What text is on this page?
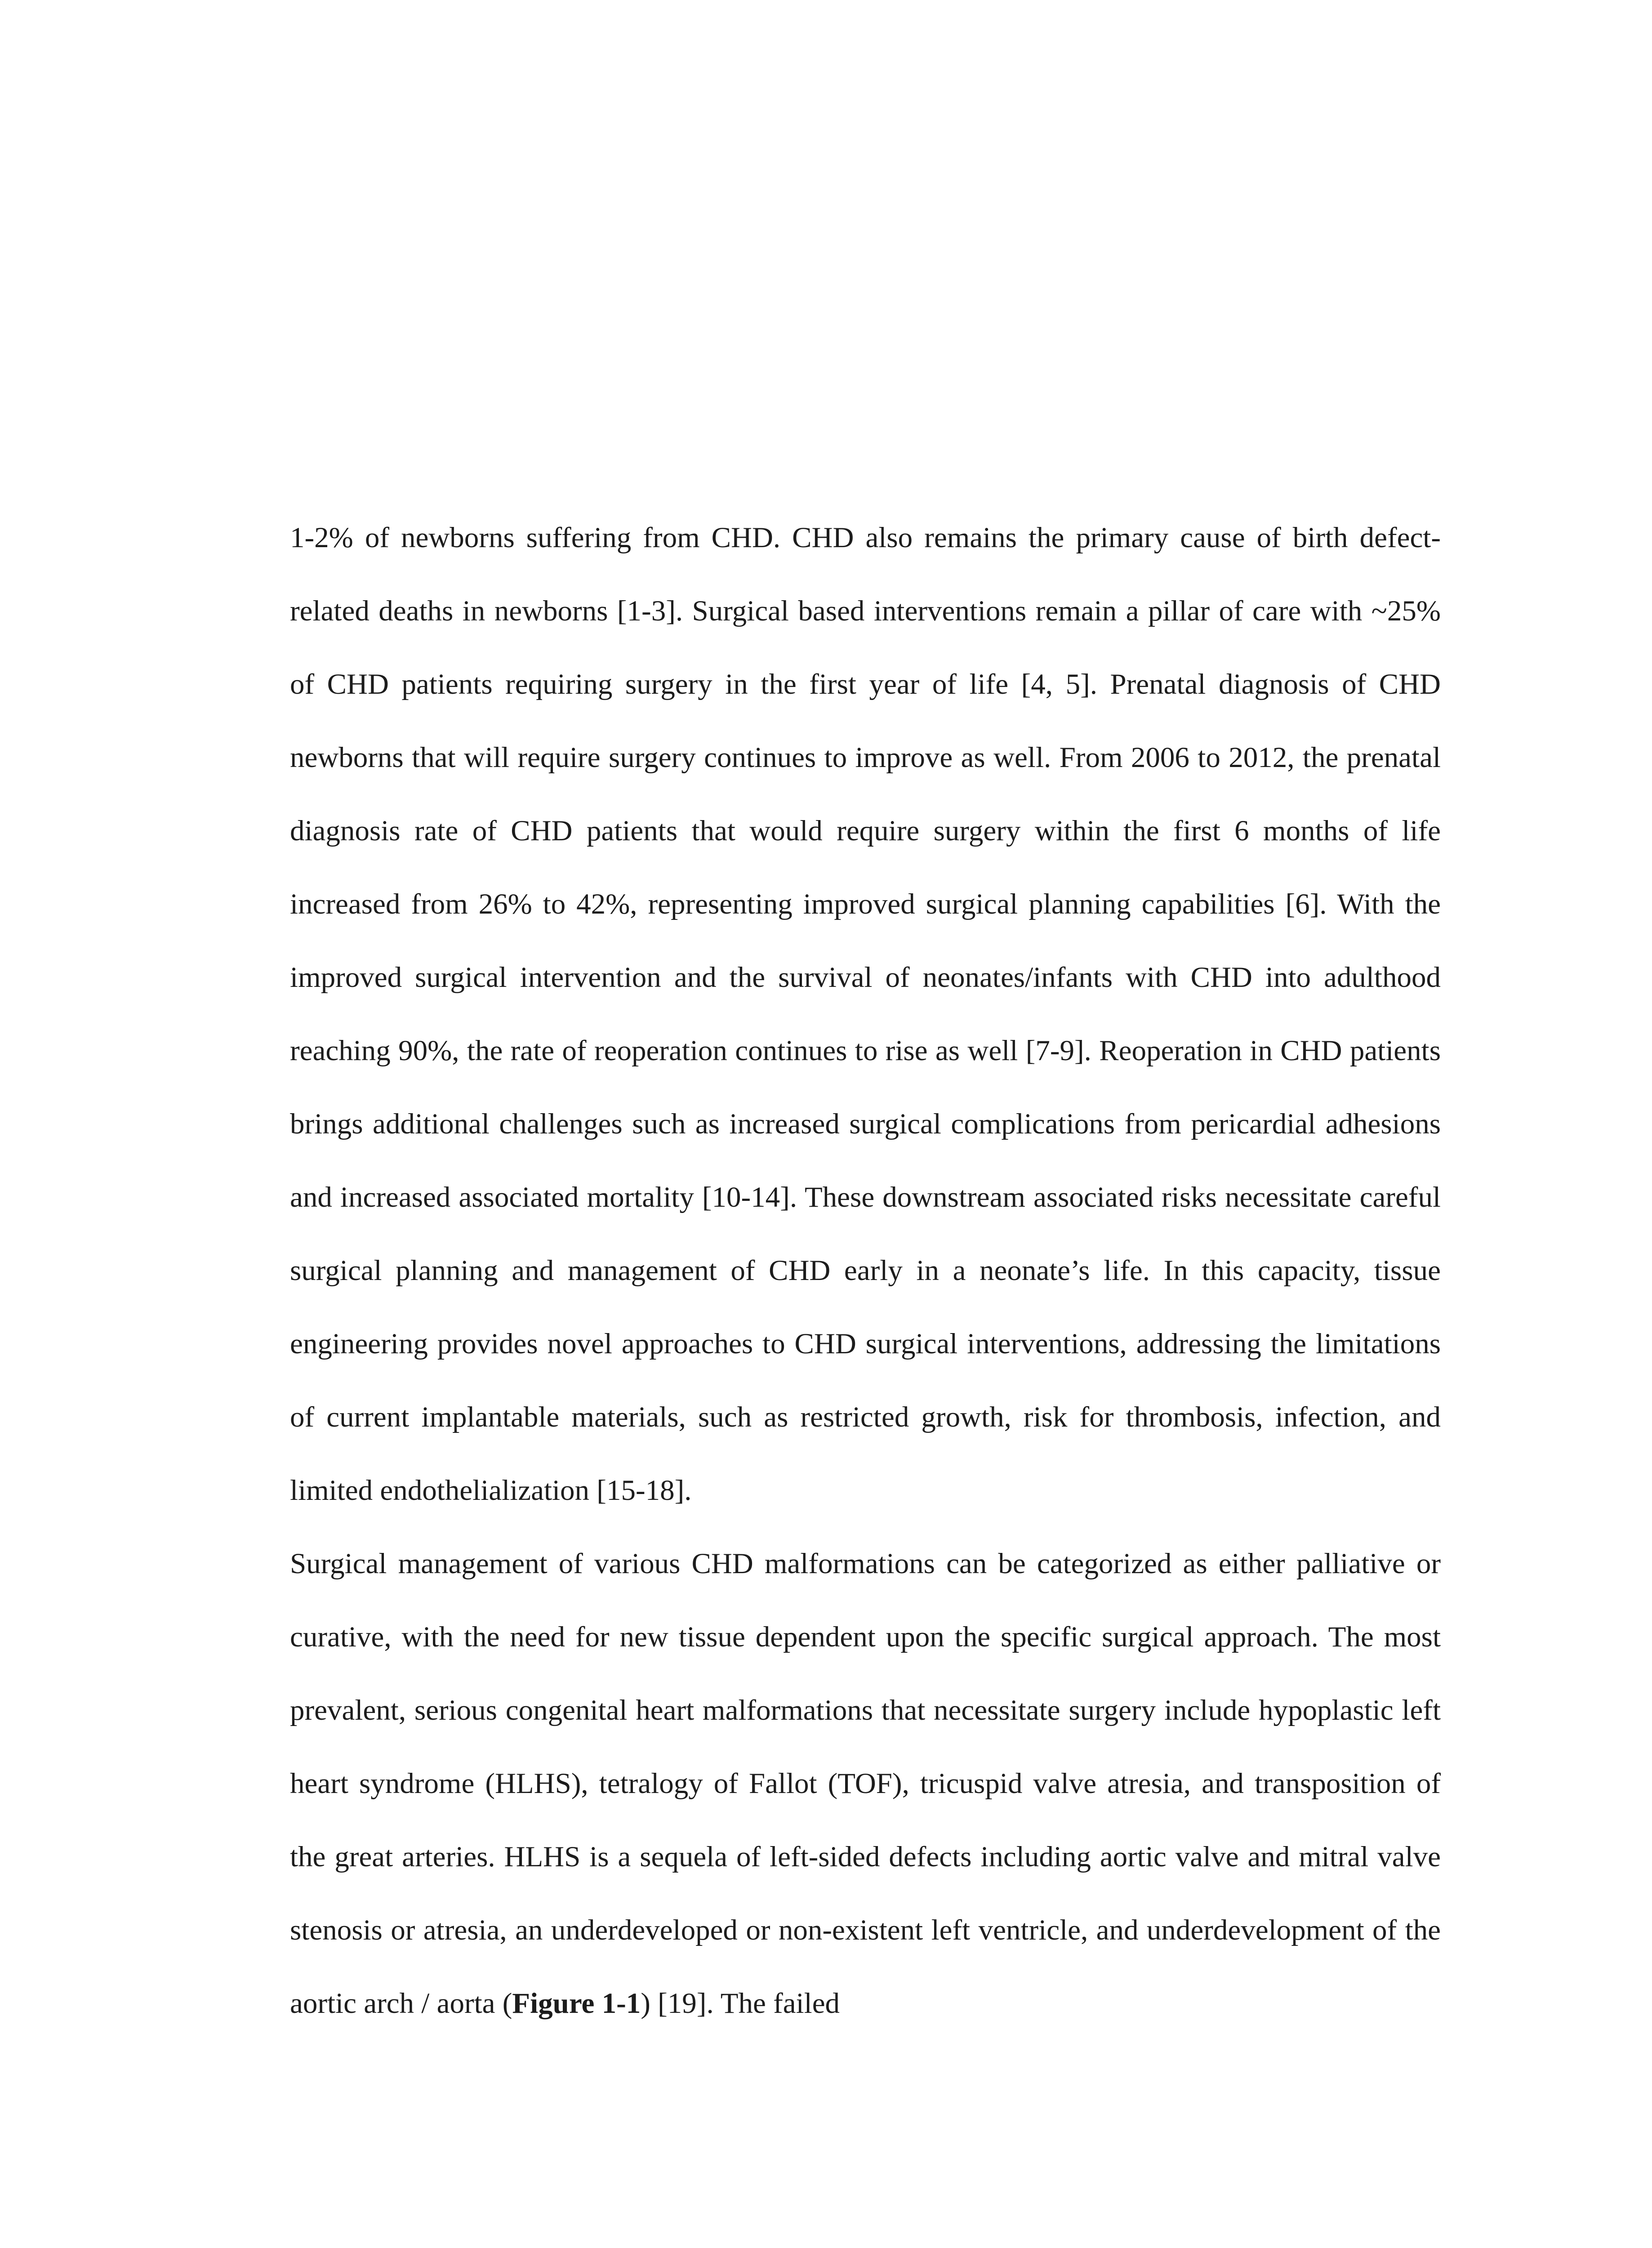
1-2% of newborns suffering from CHD. CHD also remains the primary cause of birth defect-related deaths in newborns [1-3]. Surgical based interventions remain a pillar of care with ~25% of CHD patients requiring surgery in the first year of life [4, 5]. Prenatal diagnosis of CHD newborns that will require surgery continues to improve as well. From 2006 to 2012, the prenatal diagnosis rate of CHD patients that would require surgery within the first 6 months of life increased from 26% to 42%, representing improved surgical planning capabilities [6]. With the improved surgical intervention and the survival of neonates/infants with CHD into adulthood reaching 90%, the rate of reoperation continues to rise as well [7-9]. Reoperation in CHD patients brings additional challenges such as increased surgical complications from pericardial adhesions and increased associated mortality [10-14]. These downstream associated risks necessitate careful surgical planning and management of CHD early in a neonate’s life. In this capacity, tissue engineering provides novel approaches to CHD surgical interventions, addressing the limitations of current implantable materials, such as restricted growth, risk for thrombosis, infection, and limited endothelialization [15-18].

Surgical management of various CHD malformations can be categorized as either palliative or curative, with the need for new tissue dependent upon the specific surgical approach. The most prevalent, serious congenital heart malformations that necessitate surgery include hypoplastic left heart syndrome (HLHS), tetralogy of Fallot (TOF), tricuspid valve atresia, and transposition of the great arteries. HLHS is a sequela of left-sided defects including aortic valve and mitral valve stenosis or atresia, an underdeveloped or non-existent left ventricle, and underdevelopment of the aortic arch / aorta (Figure 1-1) [19]. The failed
